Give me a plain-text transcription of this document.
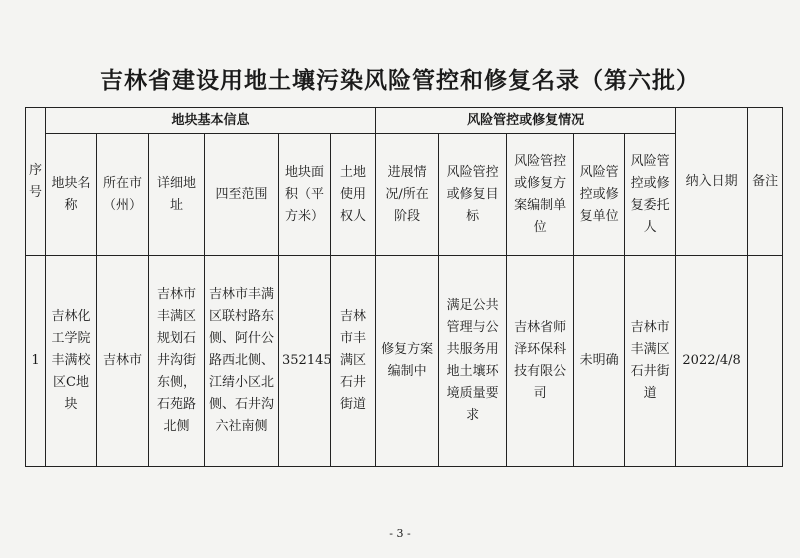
吉林省建设用地土壤污染风险管控和修复名录（第六批）
序号	地块基本信息						风险管控或修复情况					纳入日期	备注
	地块名称	所在市（州）	详细地址	四至范围	地块面积（平方米）	土地使用权人	进展情况/所在阶段	风险管控或修复目标	风险管控或修复方案编制单位	风险管控或修复单位	风险管控或修复委托人		
1	吉林化工学院丰满校区C地块	吉林市	吉林市丰满区规划石井沟街东侧，石苑路北侧	吉林市丰满区联村路东侧、阿什公路西北侧、江𬘬小区北侧、石井沟六社南侧	352145	吉林市丰满区石井街道	修复方案编制中	满足公共管理与公共服务用地土壤环境质量要求	吉林省师泽环保科技有限公司	未明确	吉林市丰满区石井街道	2022/4/8	
- 3 -
